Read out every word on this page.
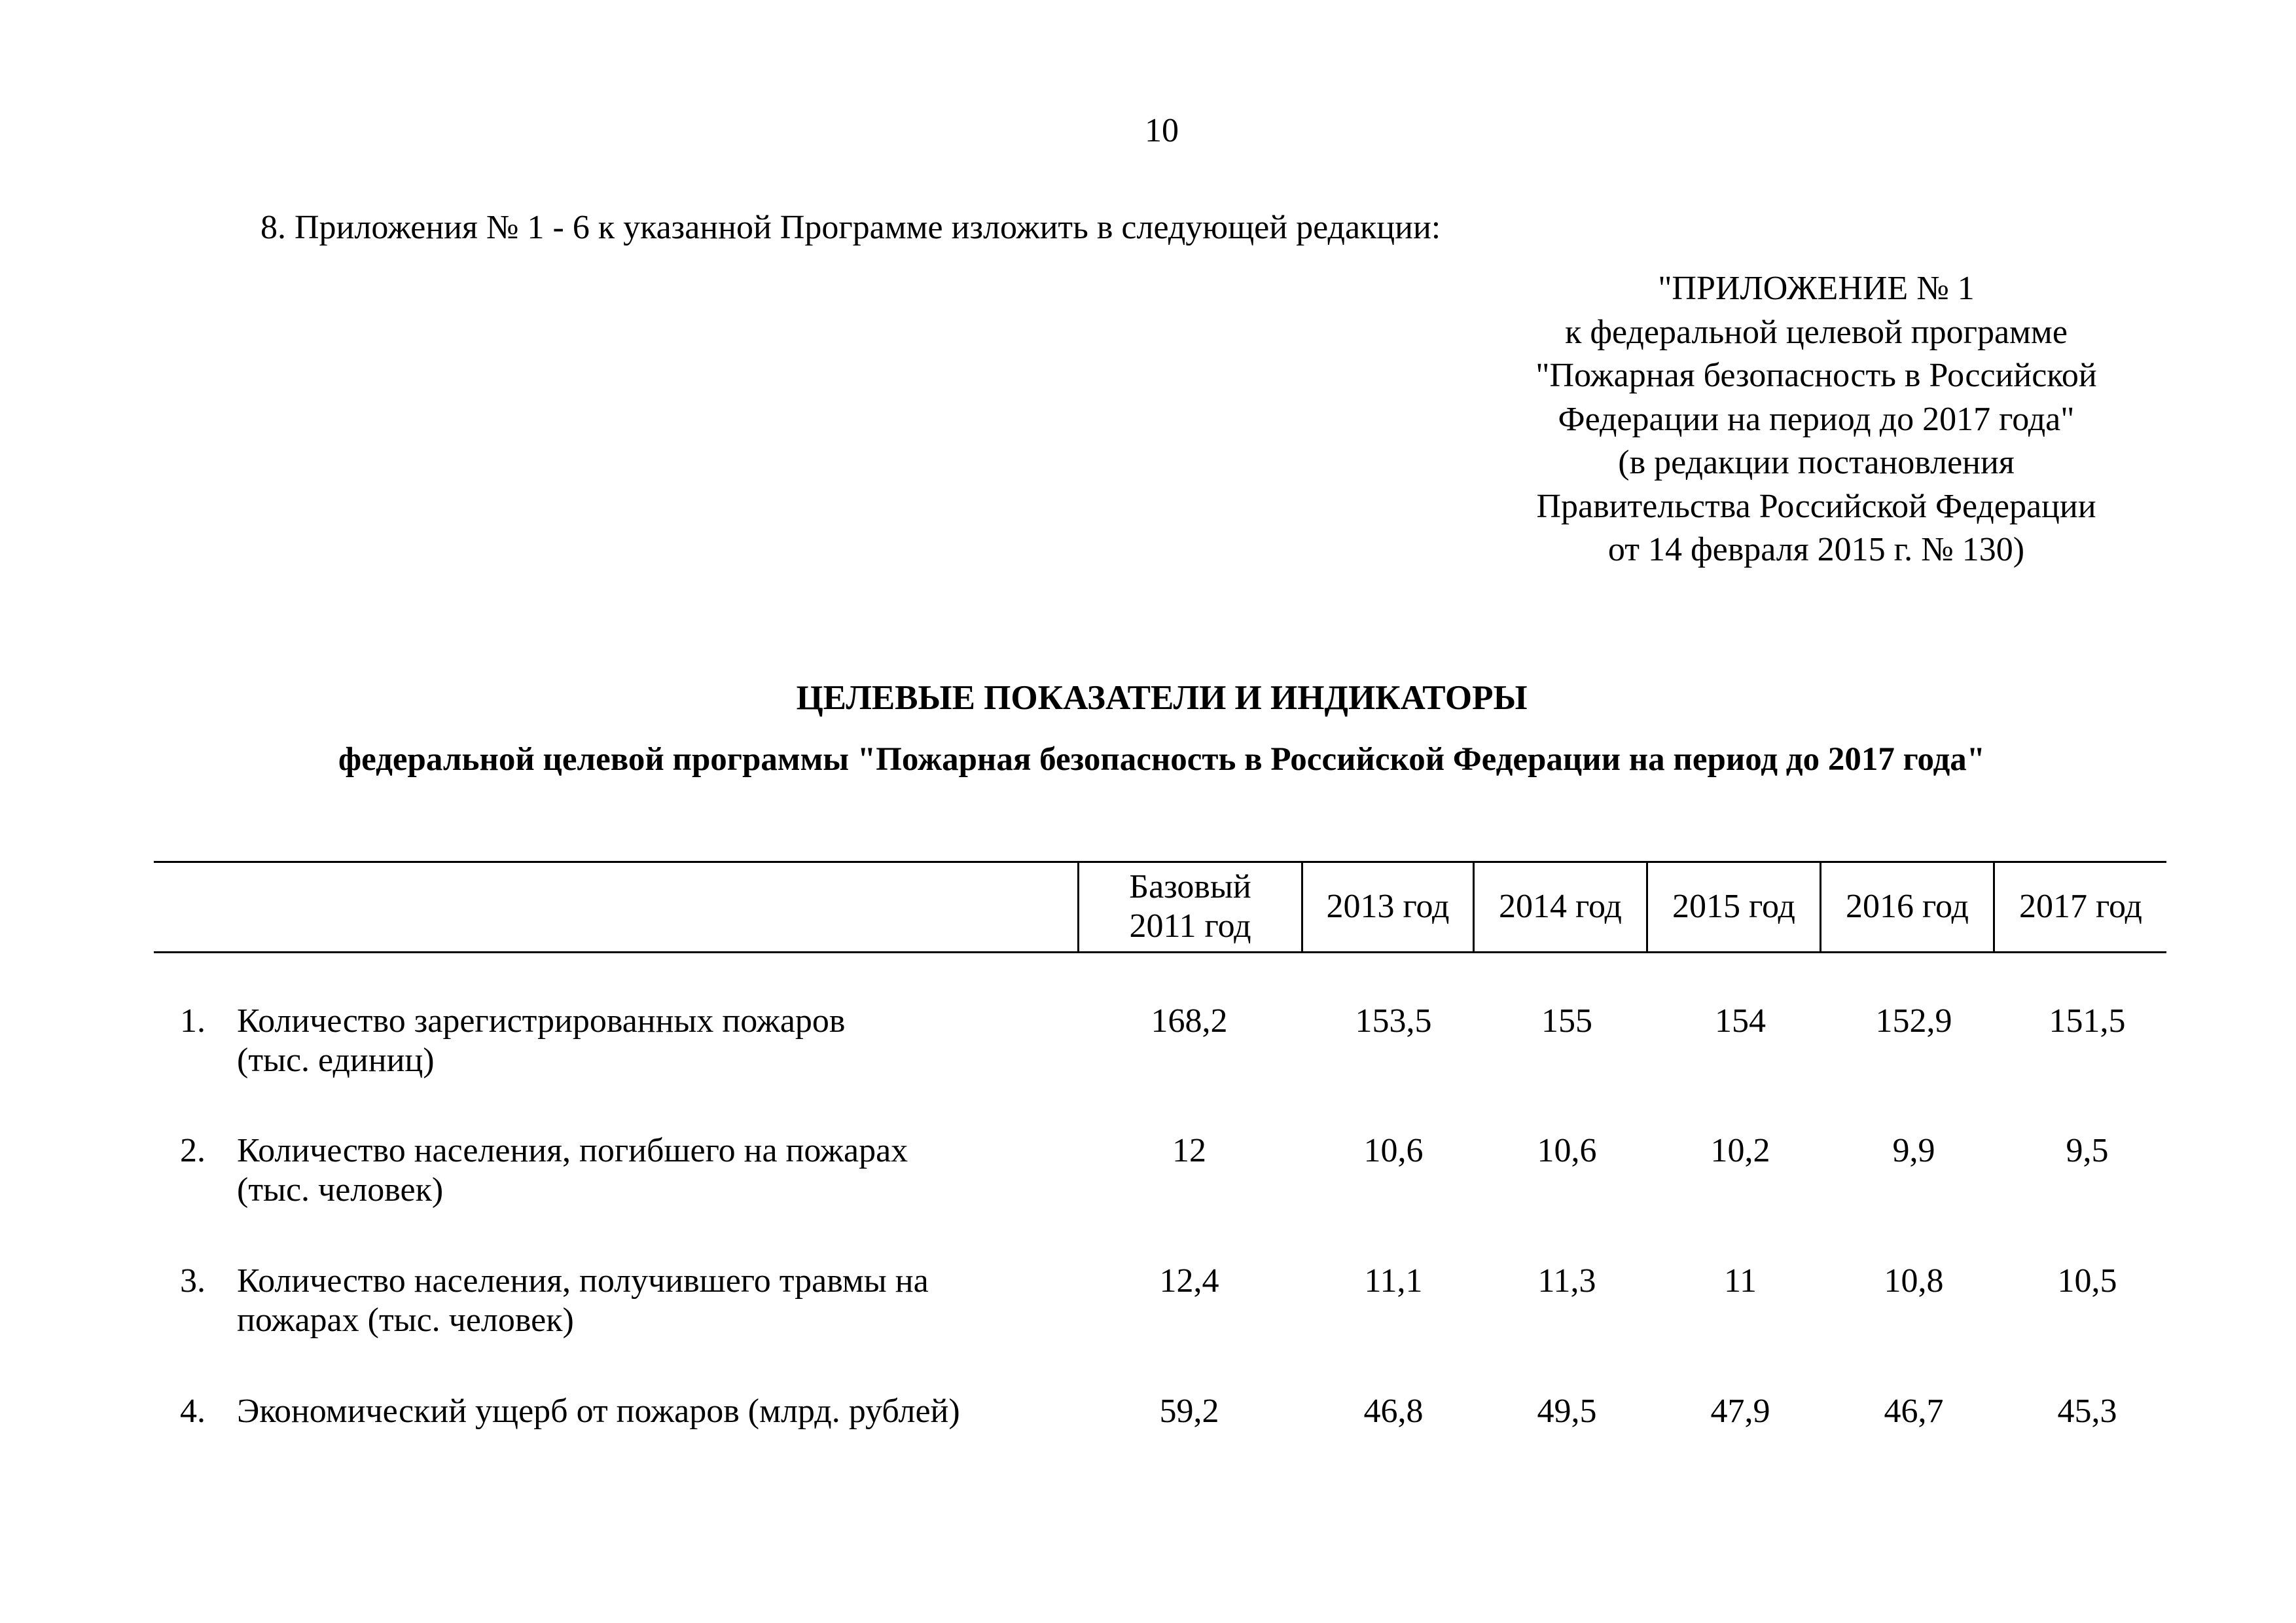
10
8. Приложения № 1 - 6 к указанной Программе изложить в следующей редакции:
"ПРИЛОЖЕНИЕ № 1
к федеральной целевой программе
"Пожарная безопасность в Российской
Федерации на период до 2017 года"
(в редакции постановления
Правительства Российской Федерации
от 14 февраля 2015 г. № 130)
ЦЕЛЕВЫЕ ПОКАЗАТЕЛИ И ИНДИКАТОРЫ
федеральной целевой программы "Пожарная безопасность в Российской Федерации на период до 2017 года"
Базовый
2011 год
2013 год 2014 год 2015 год 2016 год 2017 год
1. Количество зарегистрированных пожаров
(тыс. единиц)
168,2	153,5	155	154	152,9	151,5
2. Количество населения, погибшего на пожарах
(тыс. человек)
12	10,6	10,6	10,2	9,9	9,5
3. Количество населения, получившего травмы на
пожарах (тыс. человек)
12,4	11,1	11,3	11	10,8	10,5
4. Экономический ущерб от пожаров (млрд. рублей)	59,2	46,8	49,5	47,9	46,7	45,3
